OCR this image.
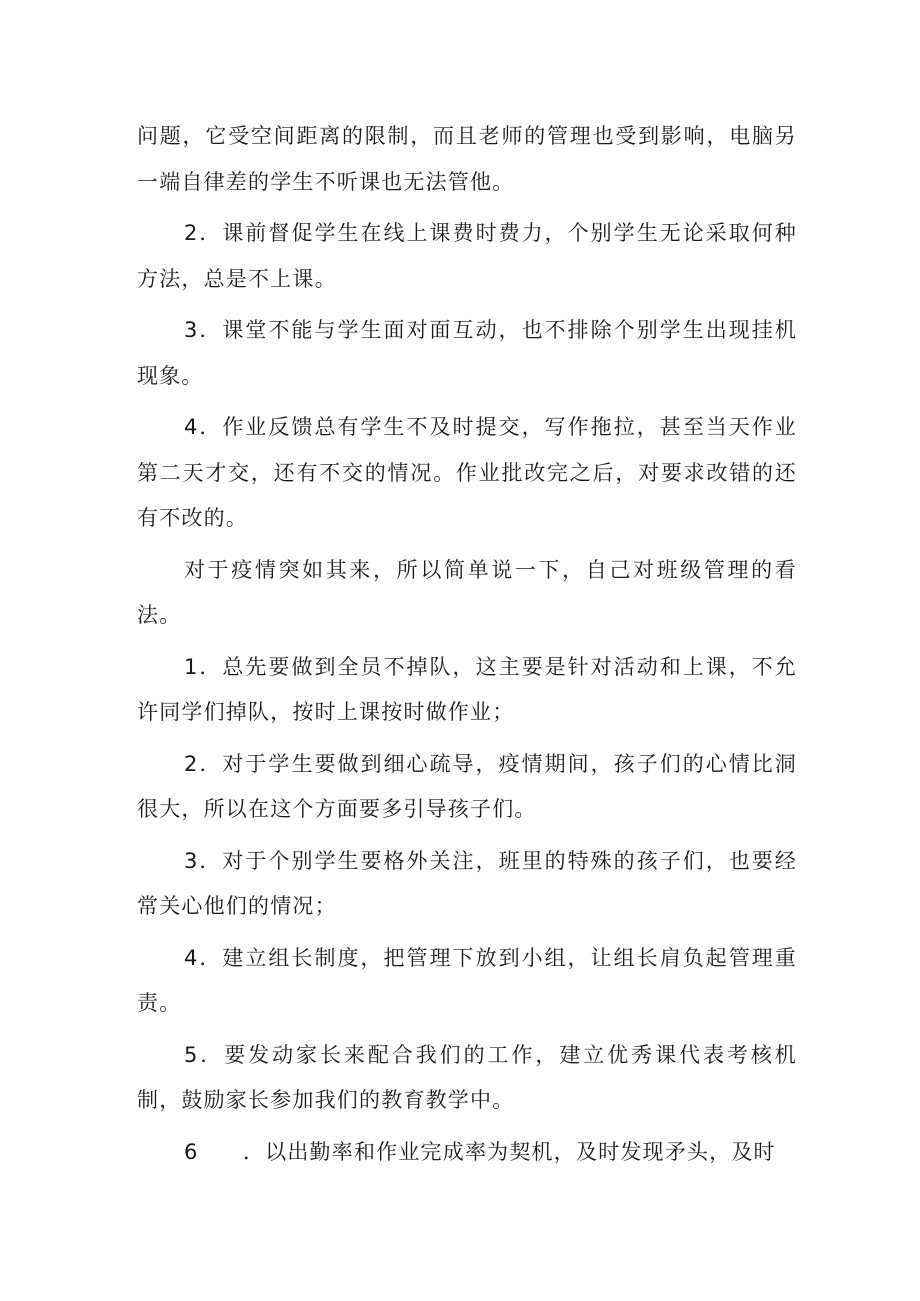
问题，它受空间距离的限制，而且老师的管理也受到影响，电脑另一端自律差的学生不听课也无法管他。

2．课前督促学生在线上课费时费力，个别学生无论采取何种方法，总是不上课。

3．课堂不能与学生面对面互动，也不排除个别学生出现挂机现象。

4．作业反馈总有学生不及时提交，写作拖拉，甚至当天作业第二天才交，还有不交的情况。作业批改完之后，对要求改错的还有不改的。

对于疫情突如其来，所以简单说一下，自己对班级管理的看法。

1．总先要做到全员不掉队，这主要是针对活动和上课，不允许同学们掉队，按时上课按时做作业；

2．对于学生要做到细心疏导，疫情期间，孩子们的心情比洞很大，所以在这个方面要多引导孩子们。

3．对于个别学生要格外关注，班里的特殊的孩子们，也要经常关心他们的情况；

4．建立组长制度，把管理下放到小组，让组长肩负起管理重责。

5．要发动家长来配合我们的工作，建立优秀课代表考核机制，鼓励家长参加我们的教育教学中。

6　　．以出勤率和作业完成率为契机，及时发现矛头，及时
